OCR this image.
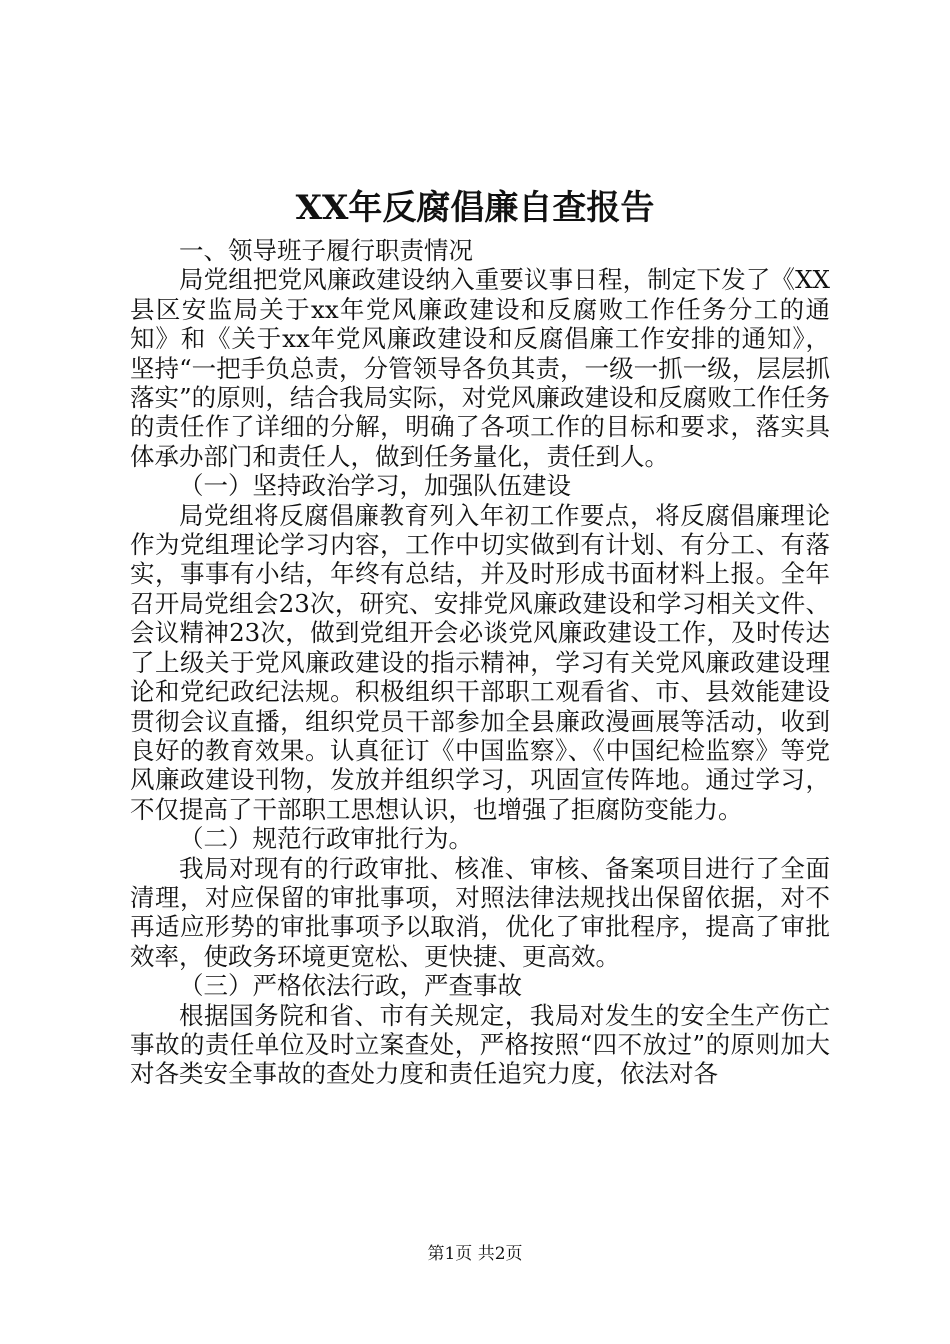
XX年反腐倡廉自查报告

一、领导班子履行职责情况

局党组把党风廉政建设纳入重要议事日程，制定下发了《XX县区安监局关于xx年党风廉政建设和反腐败工作任务分工的通知》和《关于xx年党风廉政建设和反腐倡廉工作安排的通知》，坚持“一把手负总责，分管领导各负其责，一级一抓一级，层层抓落实”的原则，结合我局实际，对党风廉政建设和反腐败工作任务的责任作了详细的分解，明确了各项工作的目标和要求，落实具体承办部门和责任人，做到任务量化，责任到人。

（一）坚持政治学习，加强队伍建设

局党组将反腐倡廉教育列入年初工作要点，将反腐倡廉理论作为党组理论学习内容，工作中切实做到有计划、有分工、有落实，事事有小结，年终有总结，并及时形成书面材料上报。全年召开局党组会23次，研究、安排党风廉政建设和学习相关文件、会议精神23次，做到党组开会必谈党风廉政建设工作，及时传达了上级关于党风廉政建设的指示精神，学习有关党风廉政建设理论和党纪政纪法规。积极组织干部职工观看省、市、县效能建设贯彻会议直播，组织党员干部参加全县廉政漫画展等活动，收到良好的教育效果。认真征订《中国监察》、《中国纪检监察》等党风廉政建设刊物，发放并组织学习，巩固宣传阵地。通过学习，不仅提高了干部职工思想认识，也增强了拒腐防变能力。

（二）规范行政审批行为。

我局对现有的行政审批、核准、审核、备案项目进行了全面清理，对应保留的审批事项，对照法律法规找出保留依据，对不再适应形势的审批事项予以取消，优化了审批程序，提高了审批效率，使政务环境更宽松、更快捷、更高效。

（三）严格依法行政，严查事故

根据国务院和省、市有关规定，我局对发生的安全生产伤亡事故的责任单位及时立案查处，严格按照“四不放过”的原则加大对各类安全事故的查处力度和责任追究力度，依法对各

第1页 共2页
